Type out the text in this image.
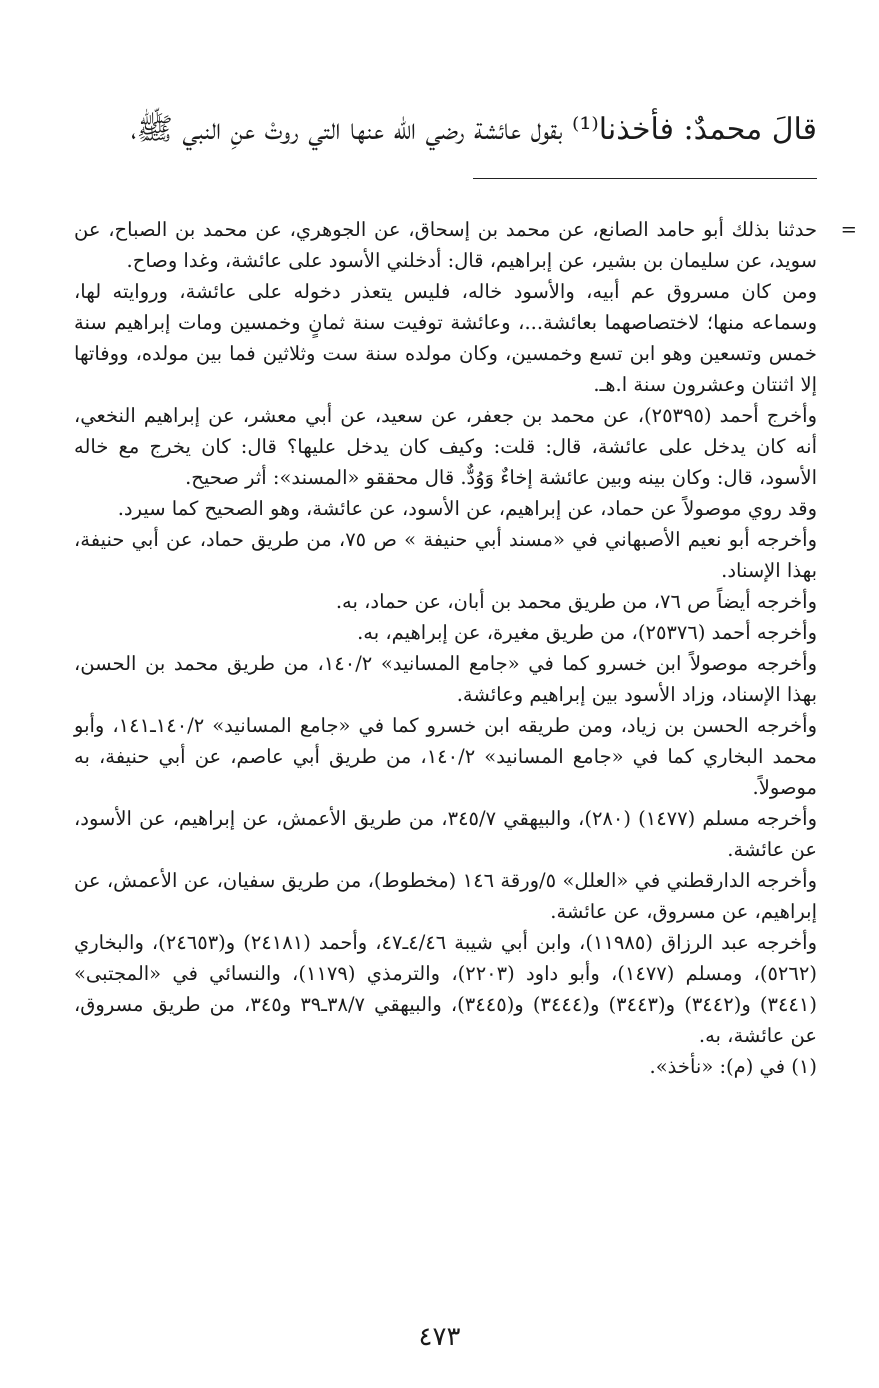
قالَ محمدٌ: فأخذنا⁽¹⁾ بقول عائشة رضي الله عنها التي روتْ عنِ النبي ﷺ،
=

حدثنا بذلك أبو حامد الصانع، عن محمد بن إسحاق، عن الجوهري، عن محمد بن الصباح، عن سويد، عن سليمان بن بشير، عن إبراهيم، قال: أدخلني الأسود على عائشة، وغدا وصاح.

ومن كان مسروق عم أبيه، والأسود خاله، فليس يتعذر دخوله على عائشة، وروايته لها، وسماعه منها؛ لاختصاصهما بعائشة...، وعائشة توفيت سنة ثمانٍ وخمسين ومات إبراهيم سنة خمس وتسعين وهو ابن تسع وخمسين، وكان مولده سنة ست وثلاثين فما بين مولده، ووفاتها إلا اثنتان وعشرون سنة ا.هـ.

وأخرج أحمد (٢٥٣٩٥)، عن محمد بن جعفر، عن سعيد، عن أبي معشر، عن إبراهيم النخعي، أنه كان يدخل على عائشة، قال: قلت: وكيف كان يدخل عليها؟ قال: كان يخرج مع خاله الأسود، قال: وكان بينه وبين عائشة إخاءٌ وَوُدٌّ. قال محققو «المسند»: أثر صحيح.

وقد روي موصولاً عن حماد، عن إبراهيم، عن الأسود، عن عائشة، وهو الصحيح كما سيرد.

وأخرجه أبو نعيم الأصبهاني في «مسند أبي حنيفة » ص ٧٥، من طريق حماد، عن أبي حنيفة، بهذا الإسناد.

وأخرجه أيضاً ص ٧٦، من طريق محمد بن أبان، عن حماد، به.

وأخرجه أحمد (٢٥٣٧٦)، من طريق مغيرة، عن إبراهيم، به.

وأخرجه موصولاً ابن خسرو كما في «جامع المسانيد» ١٤٠/٢، من طريق محمد بن الحسن، بهذا الإسناد، وزاد الأسود بين إبراهيم وعائشة.

وأخرجه الحسن بن زياد، ومن طريقه ابن خسرو كما في «جامع المسانيد» ١٤٠/٢ـ١٤١، وأبو محمد البخاري كما في «جامع المسانيد» ١٤٠/٢، من طريق أبي عاصم، عن أبي حنيفة، به موصولاً.

وأخرجه مسلم (١٤٧٧) (٢٨٠)، والبيهقي ٣٤٥/٧، من طريق الأعمش، عن إبراهيم، عن الأسود، عن عائشة.

وأخرجه الدارقطني في «العلل» ٥/ورقة ١٤٦ (مخطوط)، من طريق سفيان، عن الأعمش، عن إبراهيم، عن مسروق، عن عائشة.

وأخرجه عبد الرزاق (١١٩٨٥)، وابن أبي شيبة ٤/٤٦ـ٤٧، وأحمد (٢٤١٨١) و(٢٤٦٥٣)، والبخاري (٥٢٦٢)، ومسلم (١٤٧٧)، وأبو داود (٢٢٠٣)، والترمذي (١١٧٩)، والنسائي في «المجتبى» (٣٤٤١) و(٣٤٤٢) و(٣٤٤٣) و(٣٤٤٤) و(٣٤٤٥)، والبيهقي ٣٨/٧ـ٣٩ و٣٤٥، من طريق مسروق، عن عائشة، به.

(١) في (م): «نأخذ».

٤٧٣
